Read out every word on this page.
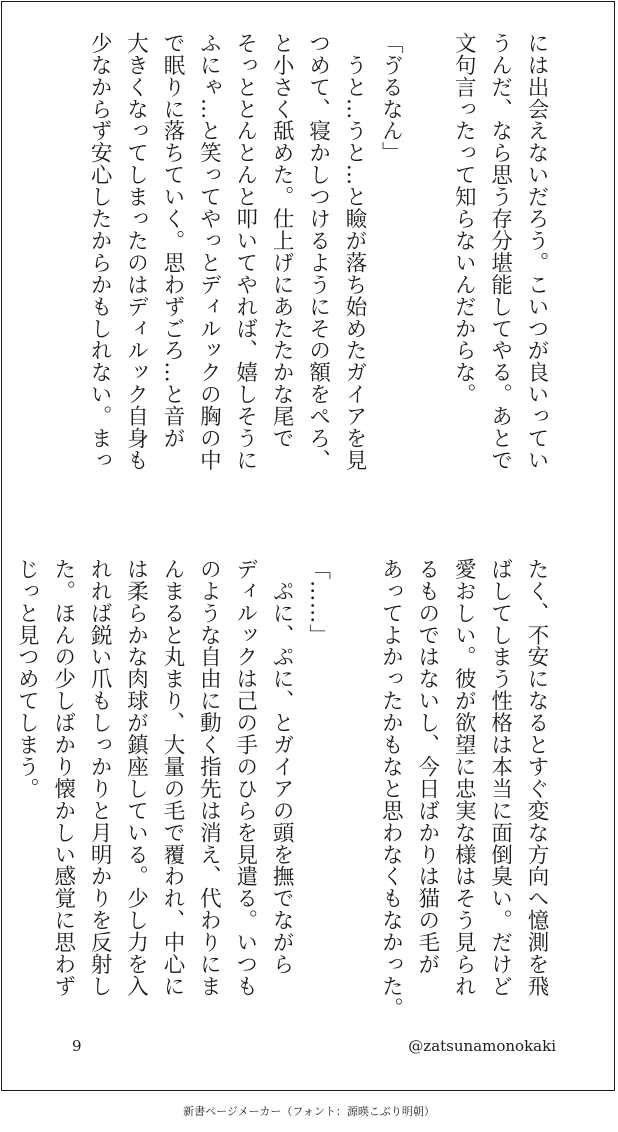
には出会えないだろう。こいつが良いってい
うんだ、なら思う存分堪能してやる。あとで
文句言ったって知らないんだからな。

「ゔるなん」
　うと…うと…と瞼が落ち始めたガイアを見
つめて、寝かしつけるようにその額をぺろ、
と小さく舐めた。仕上げにあたたかな尾で
そっととんとんと叩いてやれば、嬉しそうに
ふにゃ…と笑ってやっとディルックの胸の中
で眠りに落ちていく。思わずごろ…と音が
大きくなってしまったのはディルック自身も
少なからず安心したからかもしれない。まっ
たく、不安になるとすぐ変な方向へ憶測を飛
ばしてしまう性格は本当に面倒臭い。だけど
愛おしい。彼が欲望に忠実な様はそう見られ
るものではないし、今日ばかりは猫の毛が
あってよかったかもなと思わなくもなかった。

「……」
　ぷに、ぷに、とガイアの頭を撫でながら
ディルックは己の手のひらを見遣る。いつも
のような自由に動く指先は消え、代わりにま
んまると丸まり、大量の毛で覆われ、中心に
は柔らかな肉球が鎮座している。少し力を入
れれば鋭い爪もしっかりと月明かりを反射し
た。ほんの少しばかり懐かしい感覚に思わず
じっと見つめてしまう。
9	@zatsunamonokaki
新書ページメーカー（フォント：源暎こぶり明朝）
